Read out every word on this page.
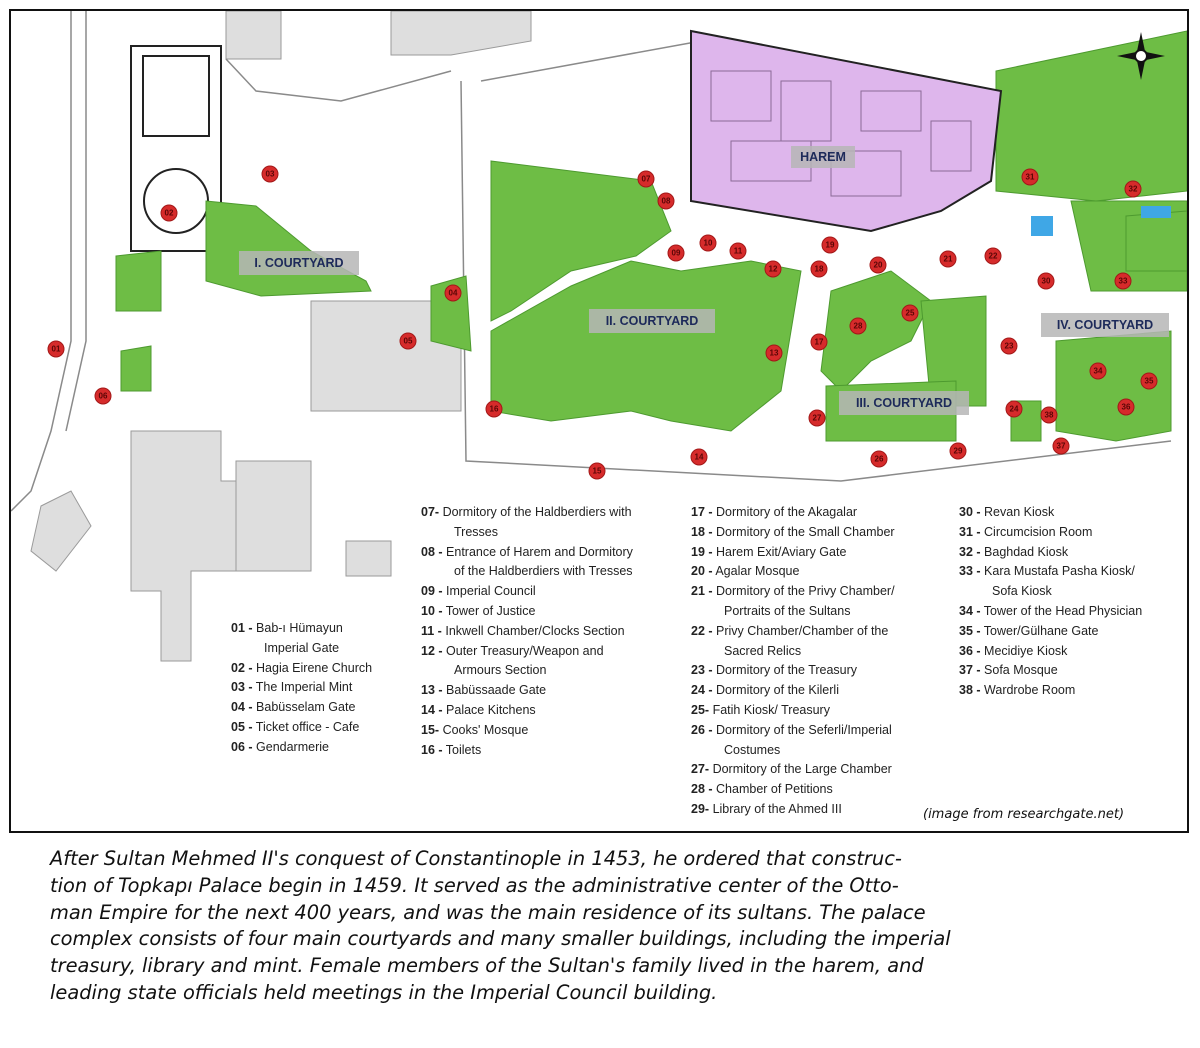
I. COURTYARD
II. COURTYARD
III. COURTYARD
IV. COURTYARD
HAREM
01
02
03
04
05
06
07
08
09
10
11
12
13
14
15
16
17
18
19
20
21	22
23
24
25
26
27
28
29
30
31
32
33
34
35
36
37
38
01 - Bab-ı Hümayun
Imperial Gate
02 - Hagia Eirene Church
03 - The Imperial Mint
04 - Babüsselam Gate
05 - Ticket office - Cafe
06 - Gendarmerie
07- Dormitory of the Haldberdiers with
Tresses
08 - Entrance of Harem and Dormitory
of the Haldberdiers with Tresses
09 - Imperial Council
10 - Tower of Justice
11 - Inkwell Chamber/Clocks Section
12 - Outer Treasury/Weapon and
Armours Section
13 - Babüssaade Gate
14 - Palace Kitchens
15- Cooks' Mosque
16 - Toilets
17 - Dormitory of the Akagalar
18 - Dormitory of the Small Chamber
19 - Harem Exit/Aviary Gate
20 - Agalar Mosque
21 - Dormitory of the Privy Chamber/
Portraits of the Sultans
22 - Privy Chamber/Chamber of the
Sacred Relics
23 - Dormitory of the Treasury
24 - Dormitory of the Kilerli
25- Fatih Kiosk/ Treasury
26 - Dormitory of the Seferli/Imperial
Costumes
27- Dormitory of the Large Chamber
28 - Chamber of Petitions
29- Library of the Ahmed III
30 - Revan Kiosk
31 - Circumcision Room
32 - Baghdad Kiosk
33 - Kara Mustafa Pasha Kiosk/
Sofa Kiosk
34 - Tower of the Head Physician
35 - Tower/Gülhane Gate
36 - Mecidiye Kiosk
37 - Sofa Mosque
38 - Wardrobe Room
(image from researchgate.net)
After Sultan Mehmed II's conquest of Constantinople in 1453, he ordered that construc-
tion of Topkapı Palace begin in 1459. It served as the administrative center of the Otto-
man Empire for the next 400 years, and was the main residence of its sultans. The palace
complex consists of four main courtyards and many smaller buildings, including the imperial
treasury, library and mint. Female members of the Sultan's family lived in the harem, and
leading state officials held meetings in the Imperial Council building.
